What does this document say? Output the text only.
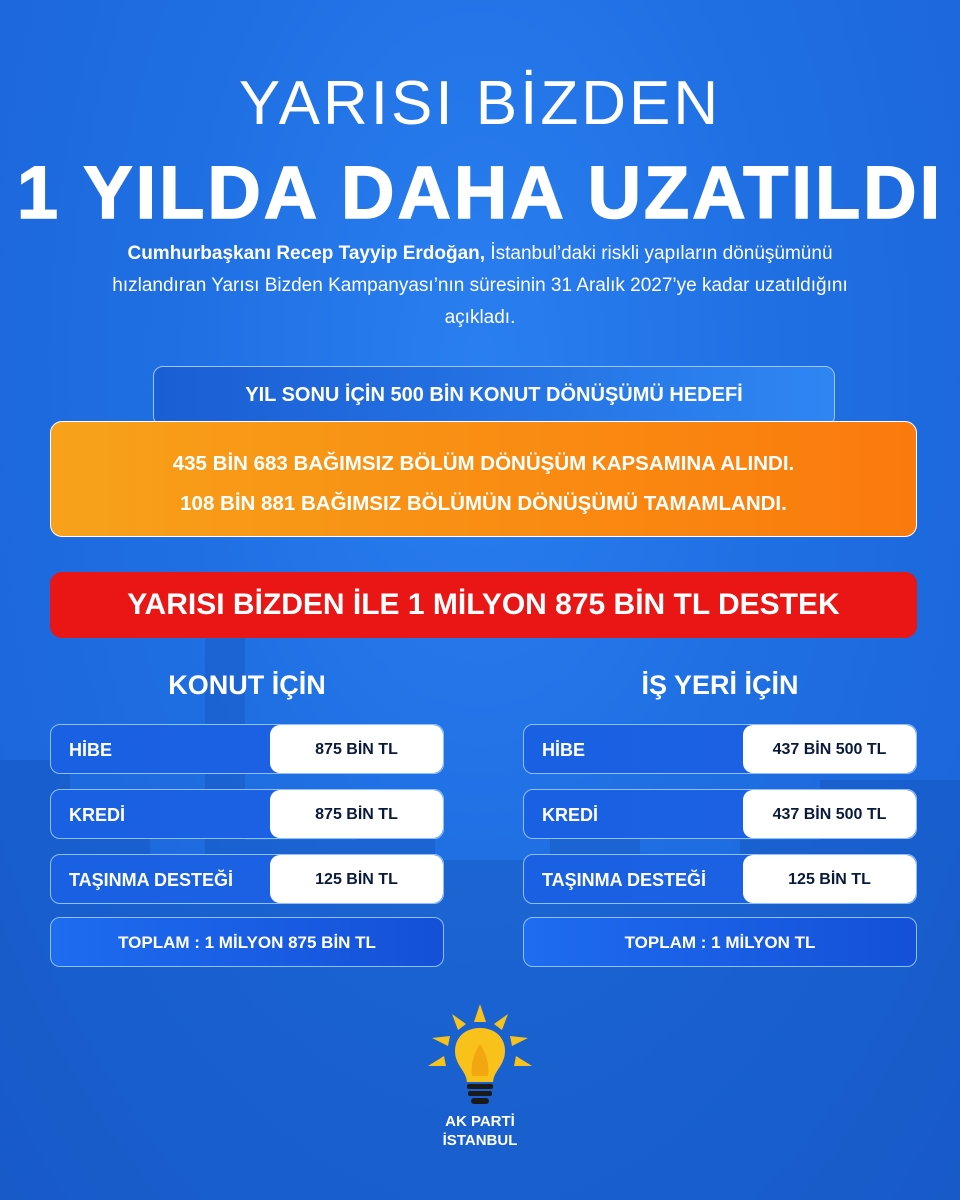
YARISI BİZDEN
1 YILDA DAHA UZATILDI

Cumhurbaşkanı Recep Tayyip Erdoğan, İstanbul’daki riskli yapıların dönüşümünü hızlandıran Yarısı Bizden Kampanyası’nın süresinin 31 Aralık 2027’ye kadar uzatıldığını açıkladı.

YIL SONU İÇİN 500 BİN KONUT DÖNÜŞÜMÜ HEDEFİ
435 BİN 683 BAĞIMSIZ BÖLÜM DÖNÜŞÜM KAPSAMINA ALINDI.
108 BİN 881 BAĞIMSIZ BÖLÜMÜN DÖNÜŞÜMÜ TAMAMLANDI.
YARISI BİZDEN İLE 1 MİLYON 875 BİN TL DESTEK
KONUT İÇİN
HİBE	875 BİN TL
KREDİ	875 BİN TL
TAŞINMA DESTEĞİ	125 BİN TL
TOPLAM : 1 MİLYON 875 BİN TL
İŞ YERİ İÇİN
HİBE	437 BİN 500 TL
KREDİ	437 BİN 500 TL
TAŞINMA DESTEĞİ	125 BİN TL
TOPLAM : 1 MİLYON TL
AK PARTİ
İSTANBUL
